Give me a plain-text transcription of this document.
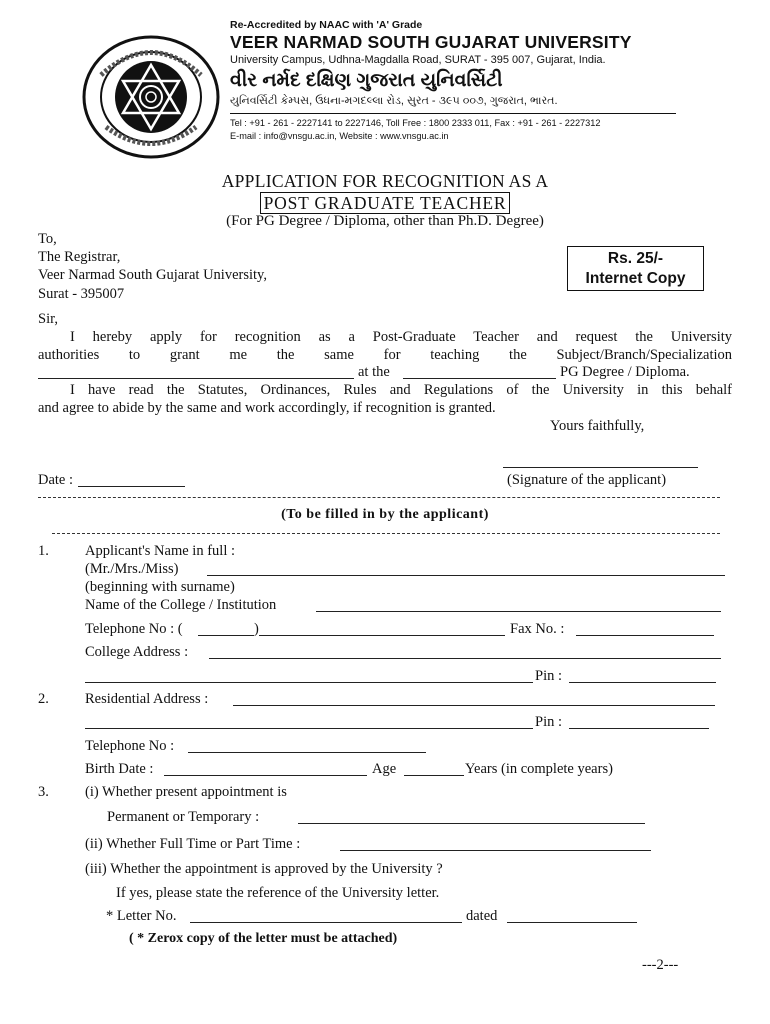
Re-Accredited by NAAC with 'A' Grade
VEER NARMAD SOUTH GUJARAT UNIVERSITY
University Campus, Udhna-Magdalla Road, SURAT - 395 007, Gujarat, India.
વીર નર્મદ દક્ષિણ ગુજરાત યુનિવર્સિટી
યુનિવર્સિટી કેમ્પસ, ઉધના-મગદલ્લા રોડ, સુરત - ૩૯૫ ૦૦૭, ગુજરાત, ભારત.
Tel : +91 - 261 - 2227141 to 2227146, Toll Free : 1800 2333 011, Fax : +91 - 261 - 2227312
E-mail : info@vnsgu.ac.in, Website : www.vnsgu.ac.in
APPLICATION FOR RECOGNITION AS A
POST GRADUATE TEACHER
(For PG Degree / Diploma, other than Ph.D. Degree)
Rs. 25/-
Internet Copy
To,
The Registrar,
Veer Narmad South Gujarat University,
Surat - 395007
Sir,
I hereby apply for recognition as a Post-Graduate Teacher and request the University
authorities to grant me the same for teaching the Subject/Branch/Specialization
at the	PG Degree / Diploma.
I have read the Statutes, Ordinances, Rules and Regulations of the University in this behalf
and agree to abide by the same and work accordingly, if recognition is granted.
Yours faithfully,
Date :	(Signature of the applicant)
(To be filled in by the applicant)
1. Applicant's Name in full :
(Mr./Mrs./Miss)
(beginning with surname)
Name of the College / Institution
Telephone No : (	)	Fax No. :
College Address :
Pin :
2. Residential Address :
Pin :
Telephone No :
Birth Date :	Age	Years (in complete years)
3. (i) Whether present appointment is
Permanent or Temporary :
(ii) Whether Full Time or Part Time :
(iii) Whether the appointment is approved by the University ?
If yes, please state the reference of the University letter.
* Letter No.	dated
( * Zerox copy of the letter must be attached)
---2---
